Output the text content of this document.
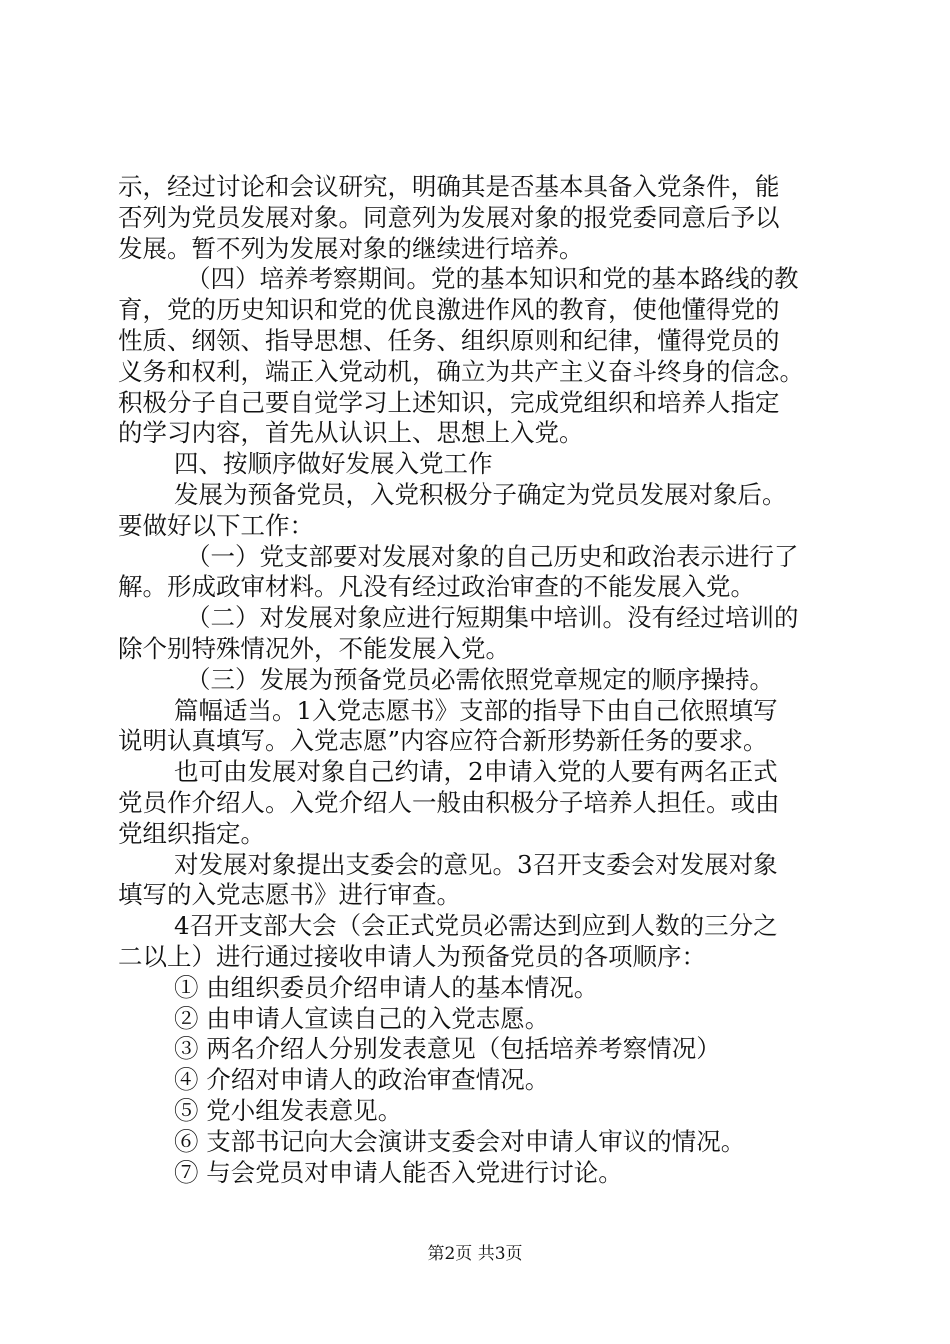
示，经过讨论和会议研究，明确其是否基本具备入党条件，能
否列为党员发展对象。同意列为发展对象的报党委同意后予以
发展。暂不列为发展对象的继续进行培养。
（四）培养考察期间。党的基本知识和党的基本路线的教
育，党的历史知识和党的优良激进作风的教育，使他懂得党的
性质、纲领、指导思想、任务、组织原则和纪律，懂得党员的
义务和权利，端正入党动机，确立为共产主义奋斗终身的信念。
积极分子自己要自觉学习上述知识，完成党组织和培养人指定
的学习内容，首先从认识上、思想上入党。
四、按顺序做好发展入党工作
发展为预备党员，入党积极分子确定为党员发展对象后。
要做好以下工作：
（一）党支部要对发展对象的自己历史和政治表示进行了
解。形成政审材料。凡没有经过政治审查的不能发展入党。
（二）对发展对象应进行短期集中培训。没有经过培训的
除个别特殊情况外，不能发展入党。
（三）发展为预备党员必需依照党章规定的顺序操持。
篇幅适当。1入党志愿书》支部的指导下由自己依照填写
说明认真填写。入党志愿”内容应符合新形势新任务的要求。
也可由发展对象自己约请，2申请入党的人要有两名正式
党员作介绍人。入党介绍人一般由积极分子培养人担任。或由
党组织指定。
对发展对象提出支委会的意见。3召开支委会对发展对象
填写的入党志愿书》进行审查。
4召开支部大会（会正式党员必需达到应到人数的三分之
二以上）进行通过接收申请人为预备党员的各项顺序：
① 由组织委员介绍申请人的基本情况。
② 由申请人宣读自己的入党志愿。
③ 两名介绍人分别发表意见（包括培养考察情况）
④ 介绍对申请人的政治审查情况。
⑤ 党小组发表意见。
⑥ 支部书记向大会演讲支委会对申请人审议的情况。
⑦ 与会党员对申请人能否入党进行讨论。
第2页 共3页
